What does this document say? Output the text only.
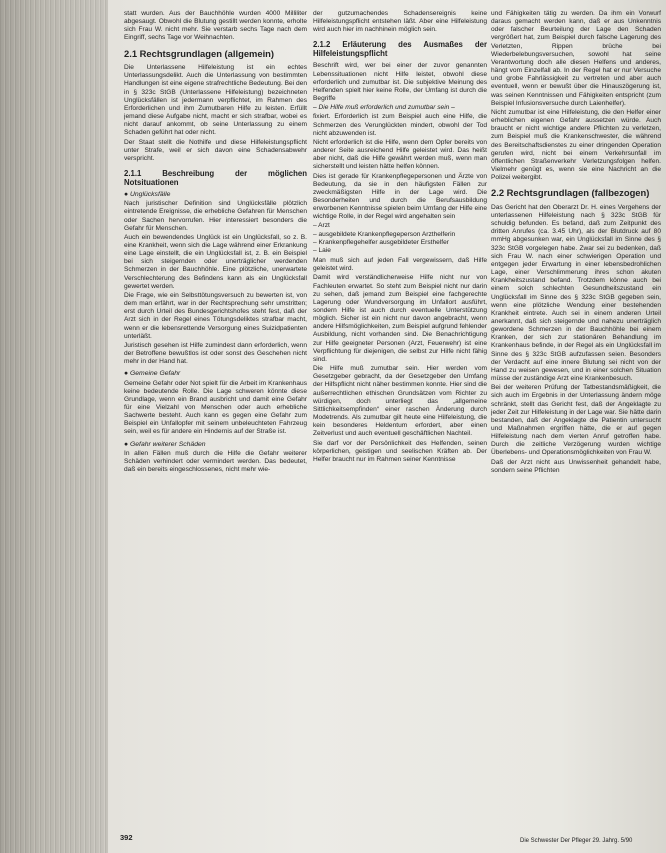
statt wurden. Aus der Bauchhöhle wurden 4000 Milliliter abgesaugt. Obwohl die Blutung gestillt werden konnte, erholte sich Frau W. nicht mehr. Sie verstarb sechs Tage nach dem Eingriff, sechs Tage vor Weihnachten.

2.1 Rechtsgrundlagen (allgemein)

Die Unterlassene Hilfeleistung ist ein echtes Unterlassungsdelikt. Auch die Unterlassung von bestimmten Handlungen ist eine eigene strafrechtliche Bedeutung. Bei den in § 323c StGB (Unterlassene Hilfeleistung) bezeichneten Unglücksfällen ist jedermann verpflichtet, im Rahmen des Erforderlichen und ihm Zumutbaren Hilfe zu leisten. Erfüllt jemand diese Aufgabe nicht, macht er sich strafbar, wobei es nicht darauf ankommt, ob seine Unterlassung zu einem Schaden geführt hat oder nicht.

Der Staat stellt die Nothilfe und diese Hilfeleistungspflicht unter Strafe, weil er sich davon eine Schadensabwehr verspricht.

2.1.1 Beschreibung der möglichen Notsituationen
● Unglücksfälle

Nach juristischer Definition sind Unglücksfälle plötzlich eintretende Ereignisse, die erhebliche Gefahren für Menschen oder Sachen hervorrufen. Hier interessiert besonders die Gefahr für Menschen.

Auch ein bewendendes Unglück ist ein Unglücksfall, so z. B. eine Krankheit, wenn sich die Lage während einer Erkrankung eine Lage einstellt, die ein Unglücksfall ist, z. B. ein Beispiel bei sich steigernden oder unerträglicher werdenden Schmerzen in der Bauchhöhle. Eine plötzliche, unerwartete Verschlechterung des Befindens kann als ein Unglücksfall gewertet werden.

Die Frage, wie ein Selbsttötungsversuch zu bewerten ist, von dem man erfährt, war in der Rechtsprechung sehr umstritten; erst durch Urteil des Bundesgerichtshofes steht fest, daß der Arzt sich in der Regel eines Tötungsdeliktes strafbar macht, wenn er die lebensrettende Versorgung eines Suizidpatienten unterläßt.

Juristisch gesehen ist Hilfe zumindest dann erforderlich, wenn der Betroffene bewußtlos ist oder sonst des Geschehen nicht mehr in der Hand hat.

● Gemeine Gefahr

Gemeine Gefahr oder Not spielt für die Arbeit im Krankenhaus keine bedeutende Rolle. Die Lage schweren könnte diese Grundlage, wenn ein Brand ausbricht und damit eine Gefahr für eine Vielzahl von Menschen oder auch erhebliche Sachwerte besteht. Auch kann es gegen eine Gefahr zum Beispiel ein Unfallopfer mit seinem unbeleuchteten Fahrzeug sein, weil es für andere ein Hindernis auf der Straße ist.

● Gefahr weiterer Schäden

In allen Fällen muß durch die Hilfe die Gefahr weiterer Schäden verhindert oder vermindert werden. Das bedeutet, daß ein bereits eingeschlossenes, nicht mehr wie-

der gutzumachendes Schadensereignis keine Hilfeleistungspflicht entstehen läßt. Aber eine Hilfeleistung wird auch hier im nachhinein möglich sein.

2.1.2 Erläuterung des Ausmaßes der Hilfeleistungspflicht

Beschrift wird, wer bei einer der zuvor genannten Lebenssituationen nicht Hilfe leistet, obwohl diese erforderlich und zumutbar ist. Die subjektive Meinung des Helfenden spielt hier keine Rolle, der Umfang ist durch die Begriffe

– Die Hilfe muß erforderlich und zumutbar sein –

fixiert. Erforderlich ist zum Beispiel auch eine Hilfe, die Schmerzen des Verunglückten mindert, obwohl der Tod nicht abzuwenden ist.

Nicht erforderlich ist die Hilfe, wenn dem Opfer bereits von anderer Seite ausreichend Hilfe geleistet wird. Das heißt aber nicht, daß die Hilfe gewährt werden muß, wenn man sicherstellt und leisten hätte helfen können.

Dies ist gerade für Krankenpflegepersonen und Ärzte von Bedeutung, da sie in den häufigsten Fällen zur zweckmäßigsten Hilfe in der Lage wird. Die Besonderheiten und durch die Berufsausbildung erworbenen Kenntnisse spielen beim Umfang der Hilfe eine wichtige Rolle, in der Regel wird angehalten sein

– Arzt
– ausgebildete Krankenpflegeperson Arzthelferin
– Krankenpflegehelfer ausgebildeter Ersthelfer
– Laie

Man muß sich auf jeden Fall vergewissern, daß Hilfe geleistet wird.

Damit wird verständlicherweise Hilfe nicht nur von Fachleuten erwartet. So steht zum Beispiel nicht nur darin zu sehen, daß jemand zum Beispiel eine fachgerechte Lagerung oder Wundversorgung im Unfallort ausführt, sondern Hilfe ist auch durch eventuelle Unterstützung möglich. Sicher ist ein nicht nur davon angebracht, wenn andere Hilfsmöglichkeiten, zum Beispiel aufgrund fehlender Ausbildung, nicht vorhanden sind. Die Benachrichtigung zur Hilfe geeigneter Personen (Arzt, Feuerwehr) ist eine Verpflichtung für diejenigen, die selbst zur Hilfe nicht fähig sind.

Die Hilfe muß zumutbar sein. Hier werden vom Gesetzgeber gebracht, da der Gesetzgeber den Umfang der Hilfspflicht nicht näher bestimmen konnte. Hier sind die außerrechtlichen ethischen Grundsätzen vom Richter zu würdigen, doch unterliegt das „allgemeine Sittlichkeitsempfinden“ einer raschen Änderung durch Modetrends. Als zumutbar gilt heute eine Hilfeleistung, die kein besonderes Heldentum erfordert, aber einen Zeitverlust und auch eventuell geschäftlichen Nachteil.

Sie darf vor der Persönlichkeit des Helfenden, seinen körperlichen, geistigen und seelischen Kräften ab. Der Helfer braucht nur im Rahmen seiner Kenntnisse

und Fähigkeiten tätig zu werden. Da ihm ein Vorwurf daraus gemacht werden kann, daß er aus Unkenntnis oder falscher Beurteilung der Lage den Schaden vergrößert hat, zum Beispiel durch falsche Lagerung des Verletzten, Rippen brüche bei Wiederbelebungsversuchen, sowohl hat seine Verantwortung doch alle diesen Helfens und anderes, hängt vom Einzelfall ab. In der Regel hat er nur Versuche und grobe Fahrlässigkeit zu vertreten und aber auch eventuell, wenn er bewußt über die Hinauszögerung ist, was seinen Kenntnissen und Fähigkeiten entspricht (zum Beispiel Infusionsversuche durch Laienhelfer).

Nicht zumutbar ist eine Hilfeleistung, die den Helfer einer erheblichen eigenen Gefahr aussetzen würde. Auch braucht er nicht wichtige andere Pflichten zu verletzen, zum Beispiel muß die Krankenschwester, die während des Bereitschaftsdienstes zu einer dringenden Operation gerufen wird, nicht bei einem Verkehrsunfall im öffentlichen Straßenverkehr Verletzungsfolgen helfen. Vielmehr genügt es, wenn sie eine Nachricht an die Polizei weitergibt.

2.2 Rechtsgrundlagen (fallbezogen)

Das Gericht hat den Oberarzt Dr. H. eines Vergehens der unterlassenen Hilfeleistung nach § 323c StGB für schuldig befunden. Es befand, daß zum Zeitpunkt des dritten Anrufes (ca. 3.45 Uhr), als der Blutdruck auf 80 mmHg abgesunken war, ein Unglücksfall im Sinne des § 323c StGB vorgelegen habe. Zwar sei zu bedenken, daß sich Frau W. nach einer schwierigen Operation und entgegen jeder Erwartung in einer lebensbedrohlichen Lage, einer Verschlimmerung ihres schon akuten Krankheitszustand befand. Trotzdem könne auch bei einem solch schlechten Gesundheitszustand ein Unglücksfall im Sinne des § 323c StGB gegeben sein, wenn eine plötzliche Wendung einer bestehenden Krankheit eintrete. Auch sei in einem anderen Urteil anerkannt, daß sich steigernde und nahezu unerträglich gewordene Schmerzen in der Bauchhöhle bei einem Kranken, der sich zur stationären Behandlung im Krankenhaus befinde, in der Regel als ein Unglücksfall im Sinne des § 323c StGB aufzufassen seien. Besonders der Verdacht auf eine innere Blutung sei nicht von der Hand zu weisen gewesen, und in einer solchen Situation müsse der zuständige Arzt eine Krankenbesuch.

Bei der weiteren Prüfung der Tatbestandsmäßigkeit, die sich auch im Ergebnis in der Unterlassung ändern möge schränkt, stellt das Gericht fest, daß der Angeklagte zu jeder Zeit zur Hilfeleistung in der Lage war. Sie hätte darin bestanden, daß der Angeklagte die Patientin untersucht und Maßnahmen ergriffen hätte, die er auf gegen Hilfeleistung nach dem vierten Anruf getroffen habe. Durch die zeitliche Verzögerung wurden wichtige Überlebens- und Operationsmöglichkeiten von Frau W.

Daß der Arzt nicht aus Unwissenheit gehandelt habe, sondern seine Pflichten

392	Die Schwester Der Pfleger 29. Jahrg. 5/90
